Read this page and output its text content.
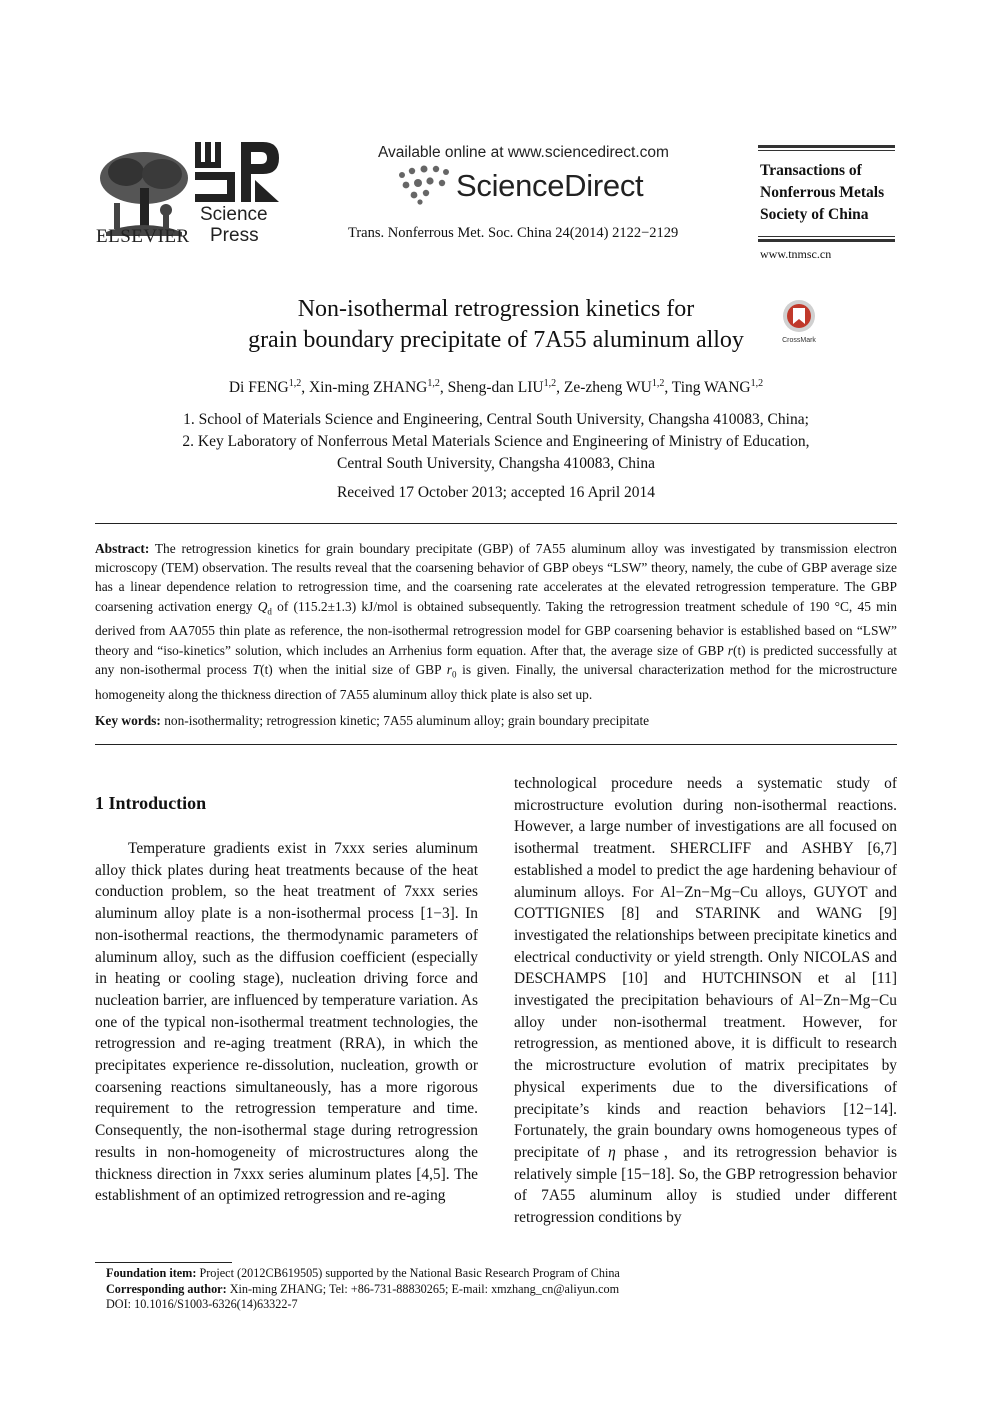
ELSEVIER
Science
Press
Available online at www.sciencedirect.com
ScienceDirect
Trans. Nonferrous Met. Soc. China 24(2014) 2122−2129
Transactions of
Nonferrous Metals
Society of China
www.tnmsc.cn
Non-isothermal retrogression kinetics for
grain boundary precipitate of 7A55 aluminum alloy	CrossMark
Di FENG$^{1,2}$, Xin-ming ZHANG$^{1,2}$, Sheng-dan LIU$^{1,2}$, Ze-zheng WU$^{1,2}$, Ting WANG$^{1,2}$
1. School of Materials Science and Engineering, Central South University, Changsha 410083, China;
2. Key Laboratory of Nonferrous Metal Materials Science and Engineering of Ministry of Education,
Central South University, Changsha 410083, China
Received 17 October 2013; accepted 16 April 2014
Abstract: The retrogression kinetics for grain boundary precipitate (GBP) of 7A55 aluminum alloy was investigated by transmission electron microscopy (TEM) observation. The results reveal that the coarsening behavior of GBP obeys “LSW” theory, namely, the cube of GBP average size has a linear dependence relation to retrogression time, and the coarsening rate accelerates at the elevated retrogression temperature. The GBP coarsening activation energy $Q_d$ of (115.2±1.3) kJ/mol is obtained subsequently. Taking the retrogression treatment schedule of 190 °C, 45 min derived from AA7055 thin plate as reference, the non-isothermal retrogression model for GBP coarsening behavior is established based on “LSW” theory and “iso-kinetics” solution, which includes an Arrhenius form equation. After that, the average size of GBP r(t) is predicted successfully at any non-isothermal process T(t) when the initial size of GBP $r_0$ is given. Finally, the universal characterization method for the microstructure homogeneity along the thickness direction of 7A55 aluminum alloy thick plate is also set up.
Key words: non-isothermality; retrogression kinetic; 7A55 aluminum alloy; grain boundary precipitate
1 Introduction

Temperature gradients exist in 7xxx series aluminum alloy thick plates during heat treatments because of the heat conduction problem, so the heat treatment of 7xxx series aluminum alloy plate is a non-isothermal process [1−3]. In non-isothermal reactions, the thermodynamic parameters of aluminum alloy, such as the diffusion coefficient (especially in heating or cooling stage), nucleation driving force and nucleation barrier, are influenced by temperature variation. As one of the typical non-isothermal treatment technologies, the retrogression and re-aging treatment (RRA), in which the precipitates experience re-dissolution, nucleation, growth or coarsening reactions simultaneously, has a more rigorous requirement to the retrogression temperature and time. Consequently, the non-isothermal stage during retrogression results in non-homogeneity of microstructures along the thickness direction in 7xxx series aluminum plates [4,5]. The establishment of an optimized retrogression and re-aging

technological procedure needs a systematic study of microstructure evolution during non-isothermal reactions. However, a large number of investigations are all focused on isothermal treatment. SHERCLIFF and ASHBY [6,7] established a model to predict the age hardening behaviour of aluminum alloys. For Al−Zn−Mg−Cu alloys, GUYOT and COTTIGNIES [8] and STARINK and WANG [9] investigated the relationships between precipitate kinetics and electrical conductivity or yield strength. Only NICOLAS and DESCHAMPS [10] and HUTCHINSON et al [11] investigated the precipitation behaviours of Al−Zn−Mg−Cu alloy under non-isothermal treatment. However, for retrogression, as mentioned above, it is difficult to research the microstructure evolution of matrix precipitates by physical experiments due to the diversifications of precipitate’s kinds and reaction behaviors [12−14]. Fortunately, the grain boundary owns homogeneous types of precipitate of η phase，and its retrogression behavior is relatively simple [15−18]. So, the GBP retrogression behavior of 7A55 aluminum alloy is studied under different retrogression conditions by

Foundation item: Project (2012CB619505) supported by the National Basic Research Program of China
Corresponding author: Xin-ming ZHANG; Tel: +86-731-88830265; E-mail: xmzhang_cn@aliyun.com
DOI: 10.1016/S1003-6326(14)63322-7
